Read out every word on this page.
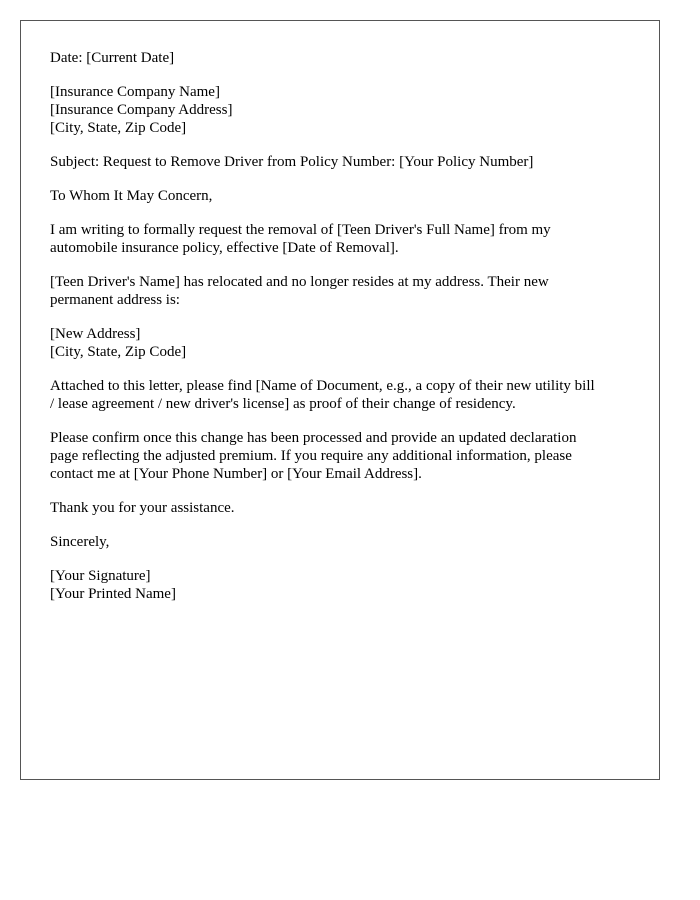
Date: [Current Date]

[Insurance Company Name]
[Insurance Company Address]
[City, State, Zip Code]

Subject: Request to Remove Driver from Policy Number: [Your Policy Number]

To Whom It May Concern,

I am writing to formally request the removal of [Teen Driver's Full Name] from my
automobile insurance policy, effective [Date of Removal].

[Teen Driver's Name] has relocated and no longer resides at my address. Their new
permanent address is:

[New Address]
[City, State, Zip Code]

Attached to this letter, please find [Name of Document, e.g., a copy of their new utility bill
/ lease agreement / new driver's license] as proof of their change of residency.

Please confirm once this change has been processed and provide an updated declaration
page reflecting the adjusted premium. If you require any additional information, please
contact me at [Your Phone Number] or [Your Email Address].

Thank you for your assistance.

Sincerely,

[Your Signature]
[Your Printed Name]
